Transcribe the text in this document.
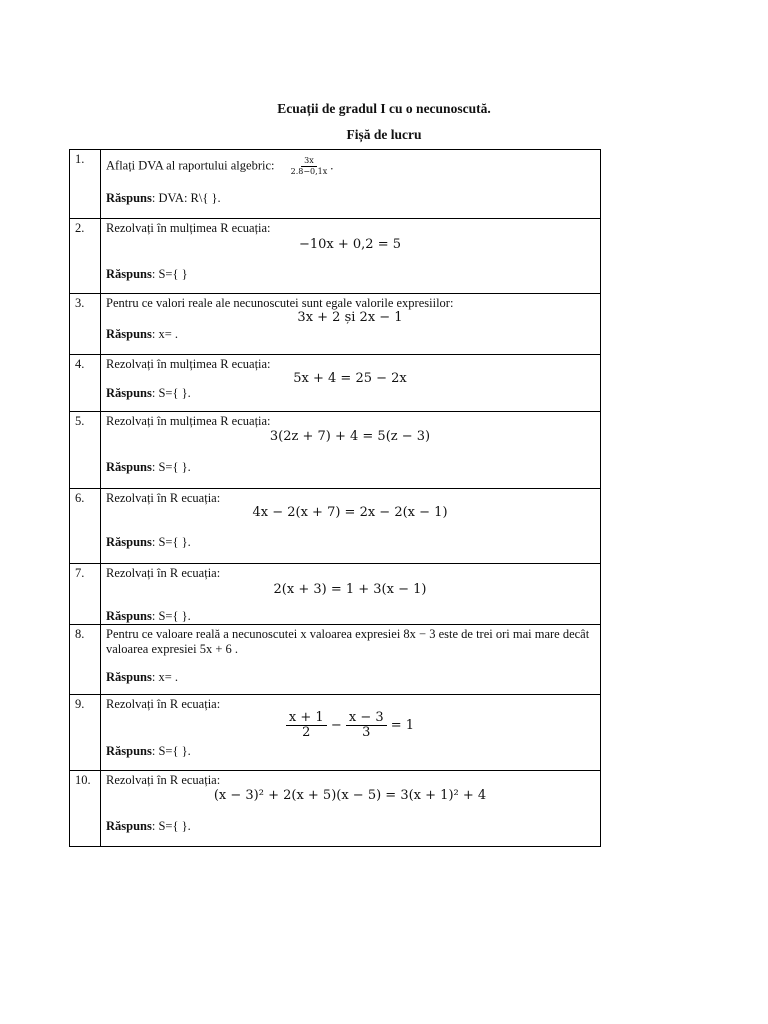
Ecuații de gradul I cu o necunoscută.
Fișă de lucru
1. Aflați DVA al raportului algebric: $\frac{3x}{2.8-0,1x}$ .
Răspuns: DVA: R\{ }.
2. Rezolvați în mulțimea R ecuația:
−10x + 0,2 = 5
Răspuns: S={ }
3. Pentru ce valori reale ale necunoscutei sunt egale valorile expresiilor:
3x + 2 și 2x − 1
Răspuns: x= .
4. Rezolvați în mulțimea R ecuația:
5x + 4 = 25 − 2x
Răspuns: S={ }.
5. Rezolvați în mulțimea R ecuația:
3(2z + 7) + 4 = 5(z − 3)
Răspuns: S={ }.
6. Rezolvați în R ecuația:
4x − 2(x + 7) = 2x − 2(x − 1)
Răspuns: S={ }.
7. Rezolvați în R ecuația:
2(x + 3) = 1 + 3(x − 1)
Răspuns: S={ }.
8. Pentru ce valoare reală a necunoscutei x valoarea expresiei 8x − 3 este de trei ori mai mare decât valoarea expresiei 5x + 6 .
Răspuns: x= .
9. Rezolvați în R ecuația:
$\frac{x + 1}{2} - \frac{x - 3}{3} = 1$
Răspuns: S={ }.
10. Rezolvați în R ecuația:
(x − 3)² + 2(x + 5)(x − 5) = 3(x + 1)² + 4
Răspuns: S={ }.
